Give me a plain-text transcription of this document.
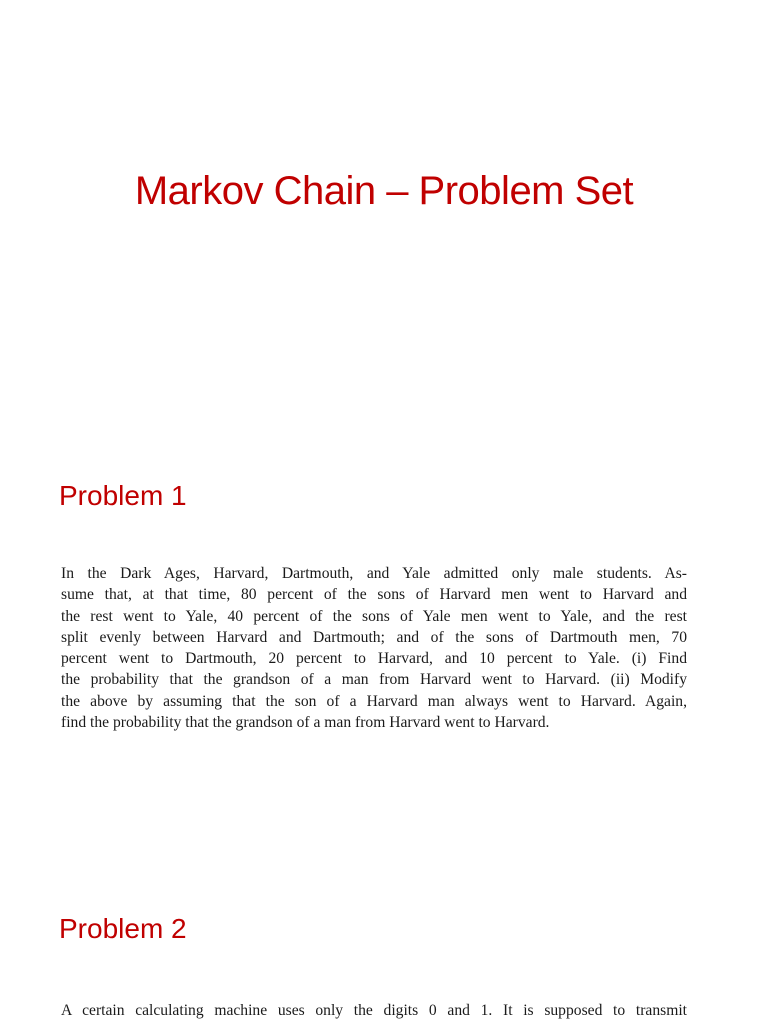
Markov Chain – Problem Set
Problem 1
In the Dark Ages, Harvard, Dartmouth, and Yale admitted only male students. As-
sume that, at that time, 80 percent of the sons of Harvard men went to Harvard and
the rest went to Yale, 40 percent of the sons of Yale men went to Yale, and the rest
split evenly between Harvard and Dartmouth; and of the sons of Dartmouth men, 70
percent went to Dartmouth, 20 percent to Harvard, and 10 percent to Yale. (i) Find
the probability that the grandson of a man from Harvard went to Harvard. (ii) Modify
the above by assuming that the son of a Harvard man always went to Harvard. Again,
find the probability that the grandson of a man from Harvard went to Harvard.
Problem 2
A certain calculating machine uses only the digits 0 and 1. It is supposed to transmit
